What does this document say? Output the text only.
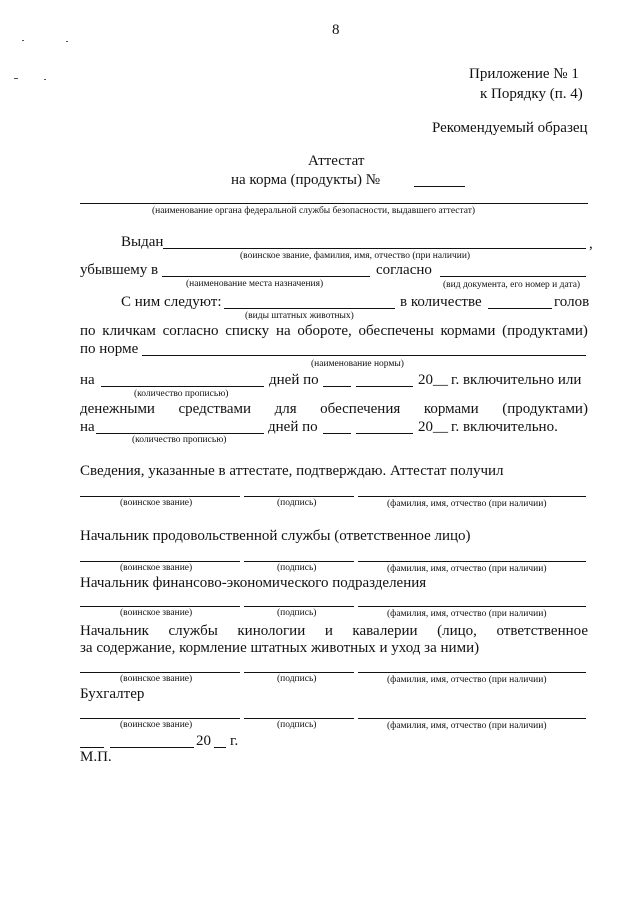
8
Приложение № 1
к Порядку (п. 4)
Рекомендуемый образец
Аттестат
на корма (продукты) №
(наименование органа федеральной службы безопасности, выдавшего аттестат)
Выдан	,
(воинское звание, фамилия, имя, отчество (при наличии)
убывшему в	согласно
(наименование места назначения)	(вид документа, его номер и дата)
С ним следуют:	в количестве	голов
(виды штатных животных)
по кличкам согласно списку на обороте, обеспечены кормами (продуктами)
по норме
(наименование нормы)
на	дней по	20__ г. включительно или
(количество прописью)
денежными средствами для обеспечения кормами (продуктами)
на	дней по	20__ г. включительно.
(количество прописью)
Сведения, указанные в аттестате, подтверждаю. Аттестат получил
(воинское звание)	(подпись)	(фамилия, имя, отчество (при наличии)
Начальник продовольственной службы (ответственное лицо)
(воинское звание)	(подпись)	(фамилия, имя, отчество (при наличии)
Начальник финансово-экономического подразделения
(воинское звание)	(подпись)	(фамилия, имя, отчество (при наличии)
Начальник службы кинологии и кавалерии (лицо, ответственное
за содержание, кормление штатных животных и уход за ними)
(воинское звание)	(подпись)	(фамилия, имя, отчество (при наличии)
Бухгалтер
(воинское звание)	(подпись)	(фамилия, имя, отчество (при наличии)
20 г.
М.П.
